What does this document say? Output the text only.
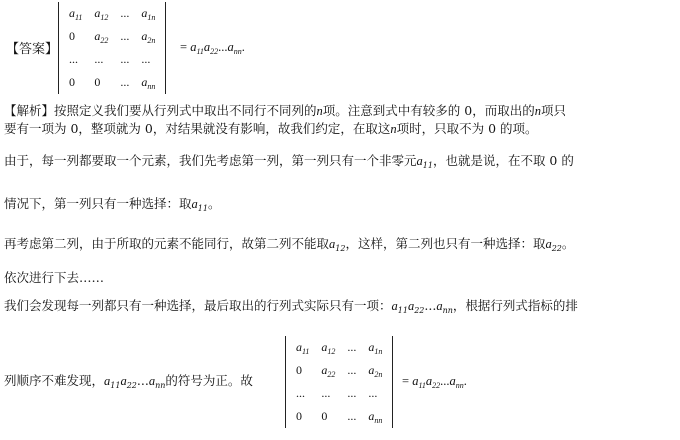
【答案】
$a_{11}$	$a_{12}$	...	$a_{1n}$
0	$a_{22}$	...	$a_{2n}$
...	...	...	...
0	0	...	$a_{nn}$
= $a_{11}a_{22}...a_{nn}$.
【解析】按照定义我们要从行列式中取出不同行不同列的n项。注意到式中有较多的 0，而取出的n项只
要有一项为 0，整项就为 0，对结果就没有影响，故我们约定，在取这n项时，只取不为 0 的项。
由于，每一列都要取一个元素，我们先考虑第一列，第一列只有一个非零元$a_{11}$，也就是说，在不取 0 的
情况下，第一列只有一种选择：取$a_{11}$。
再考虑第二列，由于所取的元素不能同行，故第二列不能取$a_{12}$，这样，第二列也只有一种选择：取$a_{22}$。
依次进行下去……
我们会发现每一列都只有一种选择，最后取出的行列式实际只有一项：$a_{11}a_{22}...a_{nn}$，根据行列式指标的排
列顺序不难发现，$a_{11}a_{22}...a_{nn}$的符号为正。故
$a_{11}$	$a_{12}$	...	$a_{1n}$
0	$a_{22}$	...	$a_{2n}$
...	...	...	...
0	0	...	$a_{nn}$
= $a_{11}a_{22}...a_{nn}$.
